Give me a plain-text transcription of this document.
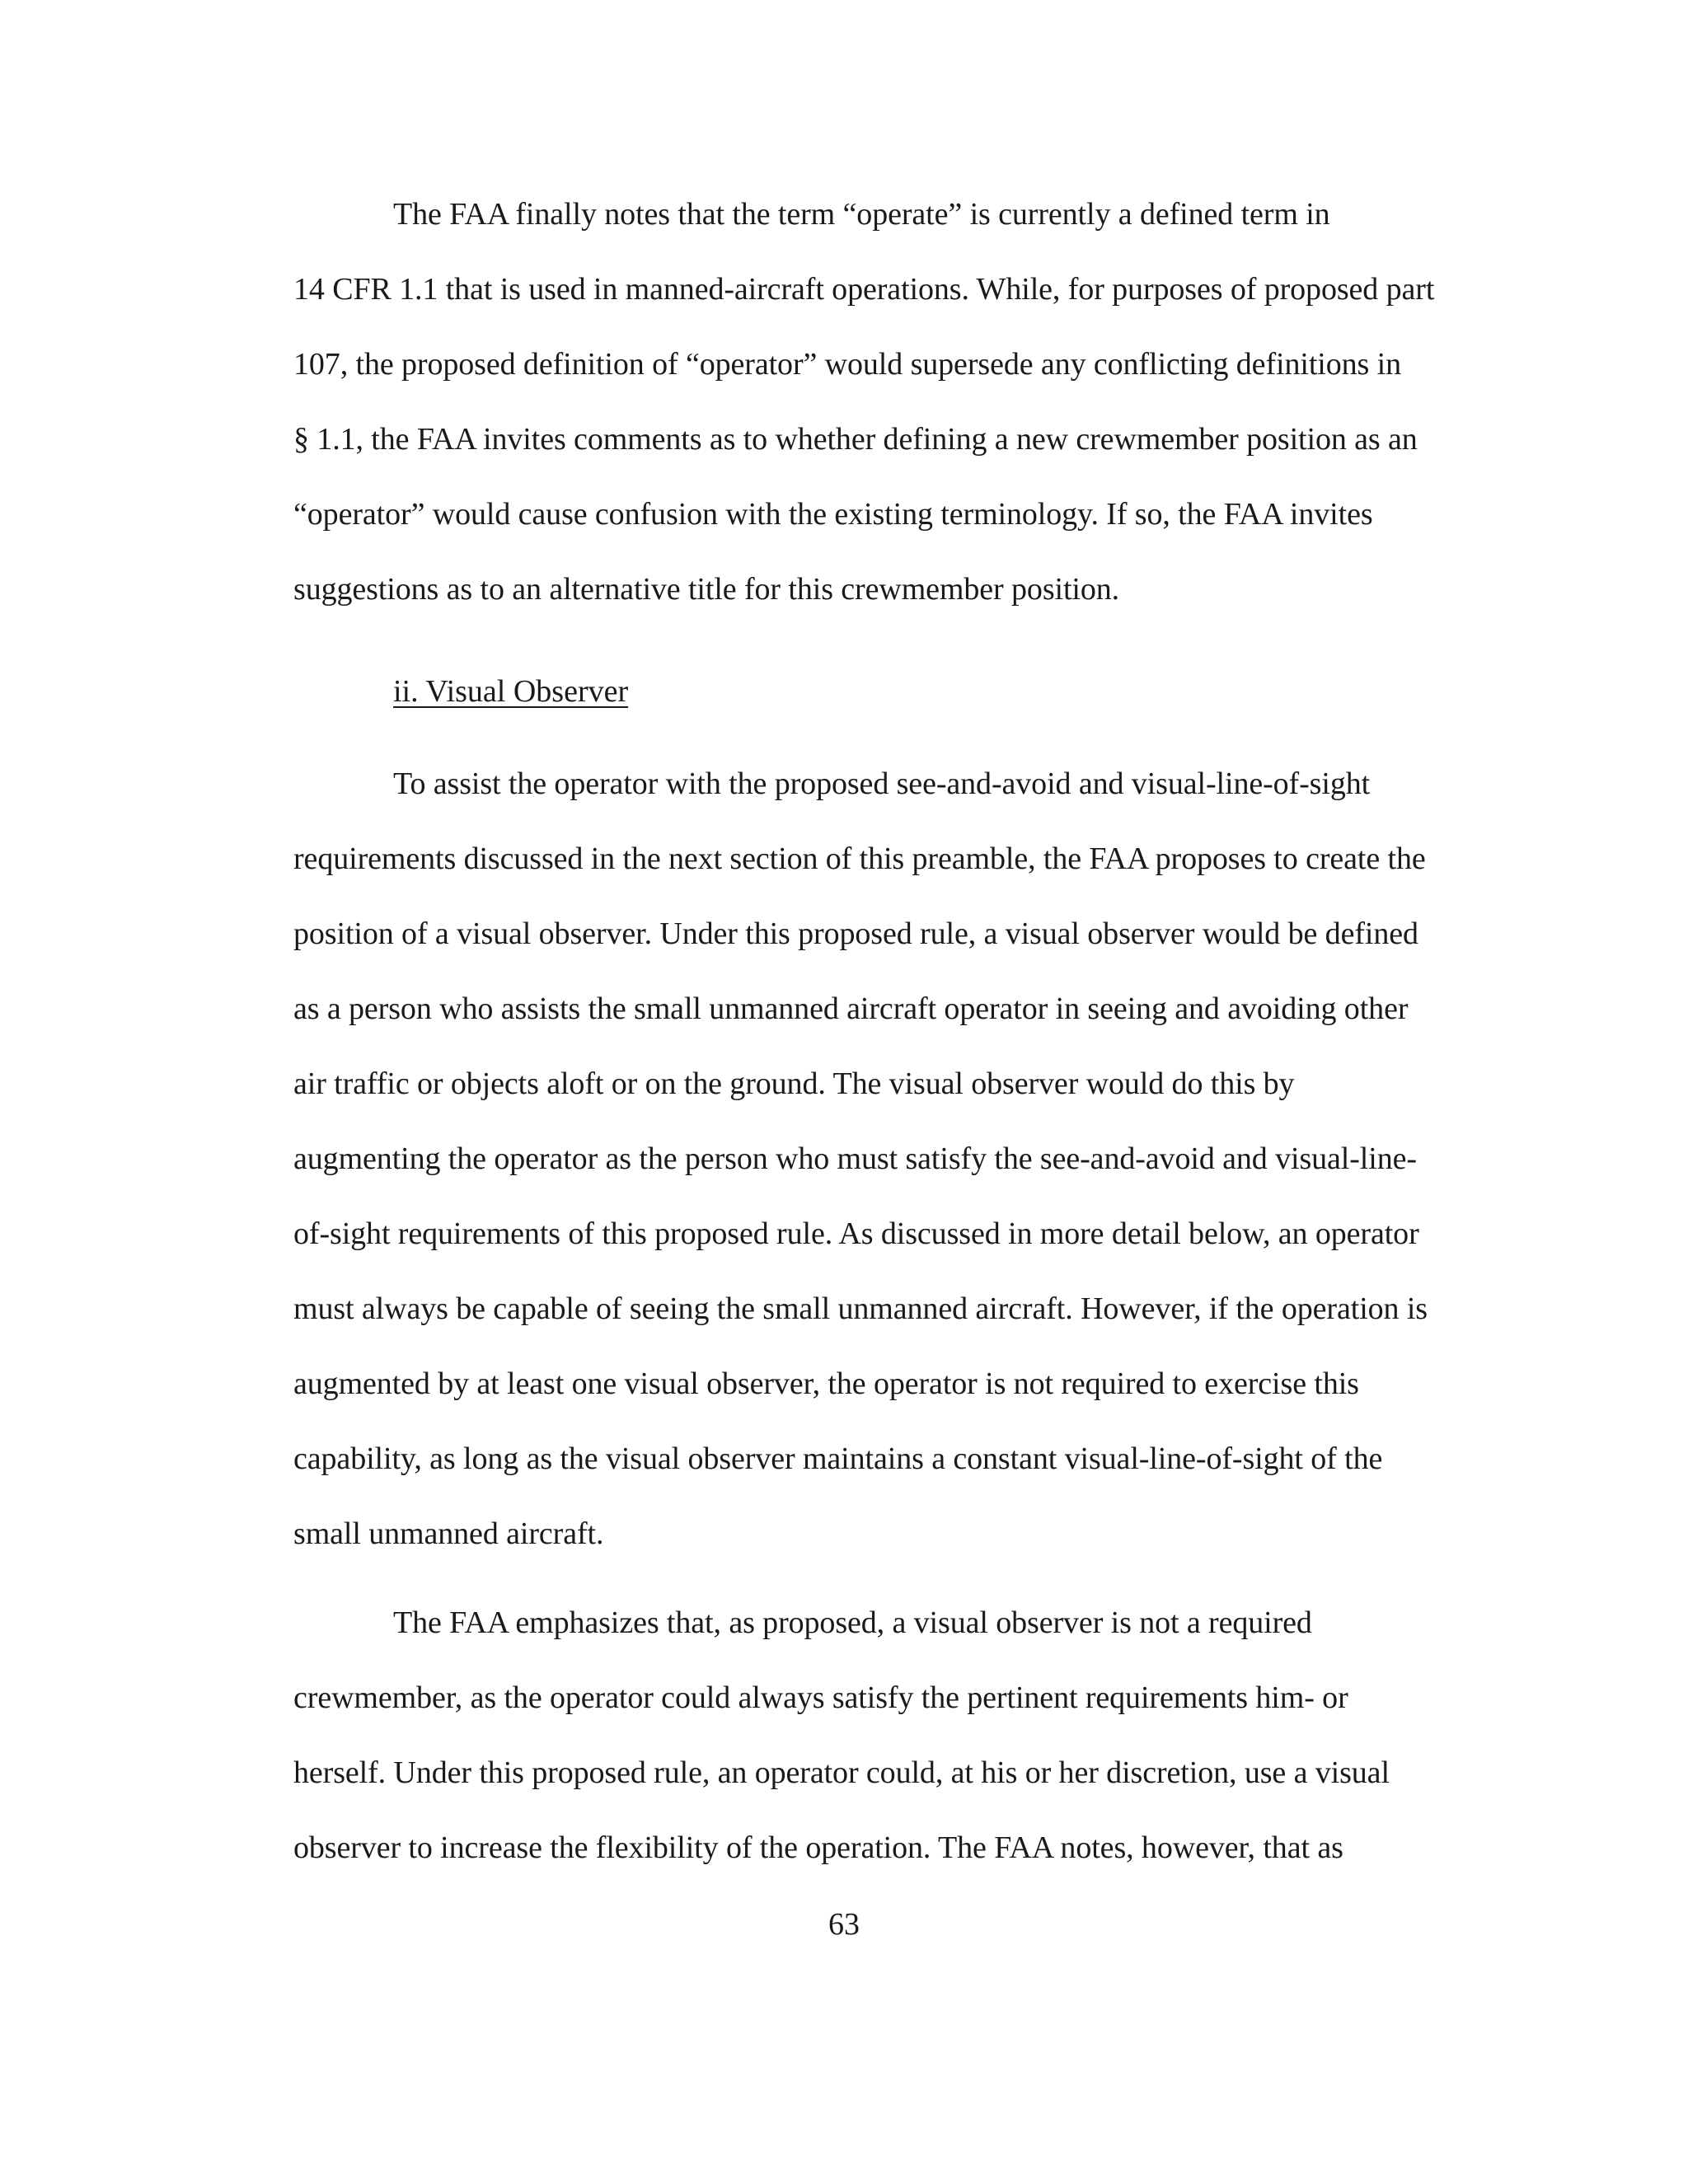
The FAA finally notes that the term “operate” is currently a defined term in
14 CFR 1.1 that is used in manned-aircraft operations. While, for purposes of proposed part
107, the proposed definition of “operator” would supersede any conflicting definitions in
§ 1.1, the FAA invites comments as to whether defining a new crewmember position as an
“operator” would cause confusion with the existing terminology. If so, the FAA invites
suggestions as to an alternative title for this crewmember position.
ii. Visual Observer
To assist the operator with the proposed see-and-avoid and visual-line-of-sight
requirements discussed in the next section of this preamble, the FAA proposes to create the
position of a visual observer. Under this proposed rule, a visual observer would be defined
as a person who assists the small unmanned aircraft operator in seeing and avoiding other
air traffic or objects aloft or on the ground. The visual observer would do this by
augmenting the operator as the person who must satisfy the see-and-avoid and visual-line-
of-sight requirements of this proposed rule. As discussed in more detail below, an operator
must always be capable of seeing the small unmanned aircraft. However, if the operation is
augmented by at least one visual observer, the operator is not required to exercise this
capability, as long as the visual observer maintains a constant visual-line-of-sight of the
small unmanned aircraft.
The FAA emphasizes that, as proposed, a visual observer is not a required
crewmember, as the operator could always satisfy the pertinent requirements him- or
herself. Under this proposed rule, an operator could, at his or her discretion, use a visual
observer to increase the flexibility of the operation. The FAA notes, however, that as
63
